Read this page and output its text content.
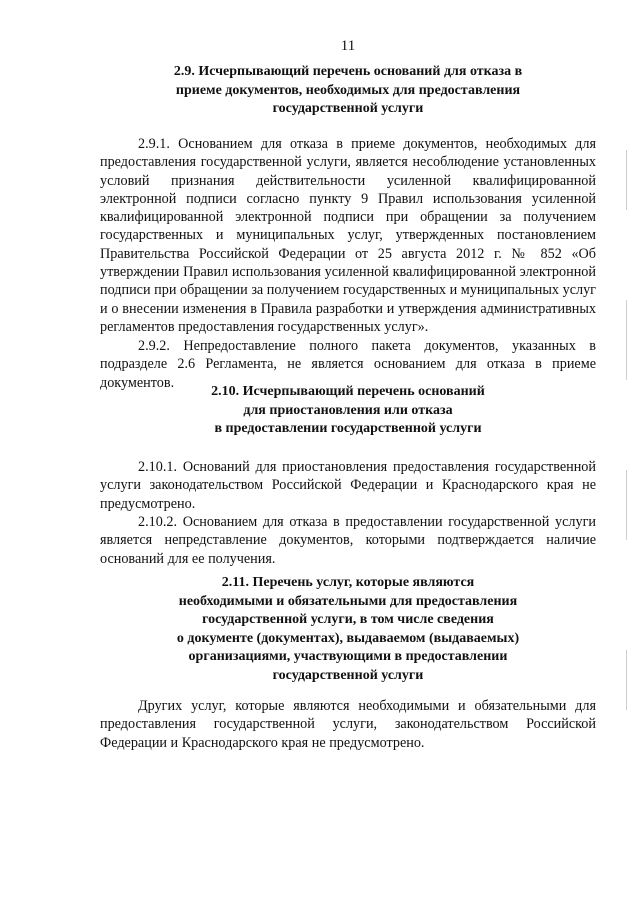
11
2.9. Исчерпывающий перечень оснований для отказа в
приеме документов, необходимых для предоставления
государственной услуги
2.9.1. Основанием для отказа в приеме документов, необходимых для предоставления государственной услуги, является несоблюдение установленных условий признания действительности усиленной квалифицированной электронной подписи согласно пункту 9 Правил использования усиленной квалифицированной электронной подписи при обращении за получением государственных и муниципальных услуг, утвержденных постановлением Правительства Российской Федерации от 25 августа 2012 г. № 852 «Об утверждении Правил использования усиленной квалифицированной электронной подписи при обращении за получением государственных и муниципальных услуг и о внесении изменения в Правила разработки и утверждения административных регламентов предоставления государственных услуг».
2.9.2. Непредоставление полного пакета документов, указанных в подразделе 2.6 Регламента, не является основанием для отказа в приеме документов.
2.10. Исчерпывающий перечень оснований
для приостановления или отказа
в предоставлении государственной услуги
2.10.1. Оснований для приостановления предоставления государственной услуги законодательством Российской Федерации и Краснодарского края не предусмотрено.
2.10.2. Основанием для отказа в предоставлении государственной услуги является непредставление документов, которыми подтверждается наличие оснований для ее получения.
2.11. Перечень услуг, которые являются
необходимыми и обязательными для предоставления
государственной услуги, в том числе сведения
о документе (документах), выдаваемом (выдаваемых)
организациями, участвующими в предоставлении
государственной услуги
Других услуг, которые являются необходимыми и обязательными для предоставления государственной услуги, законодательством Российской Федерации и Краснодарского края не предусмотрено.
